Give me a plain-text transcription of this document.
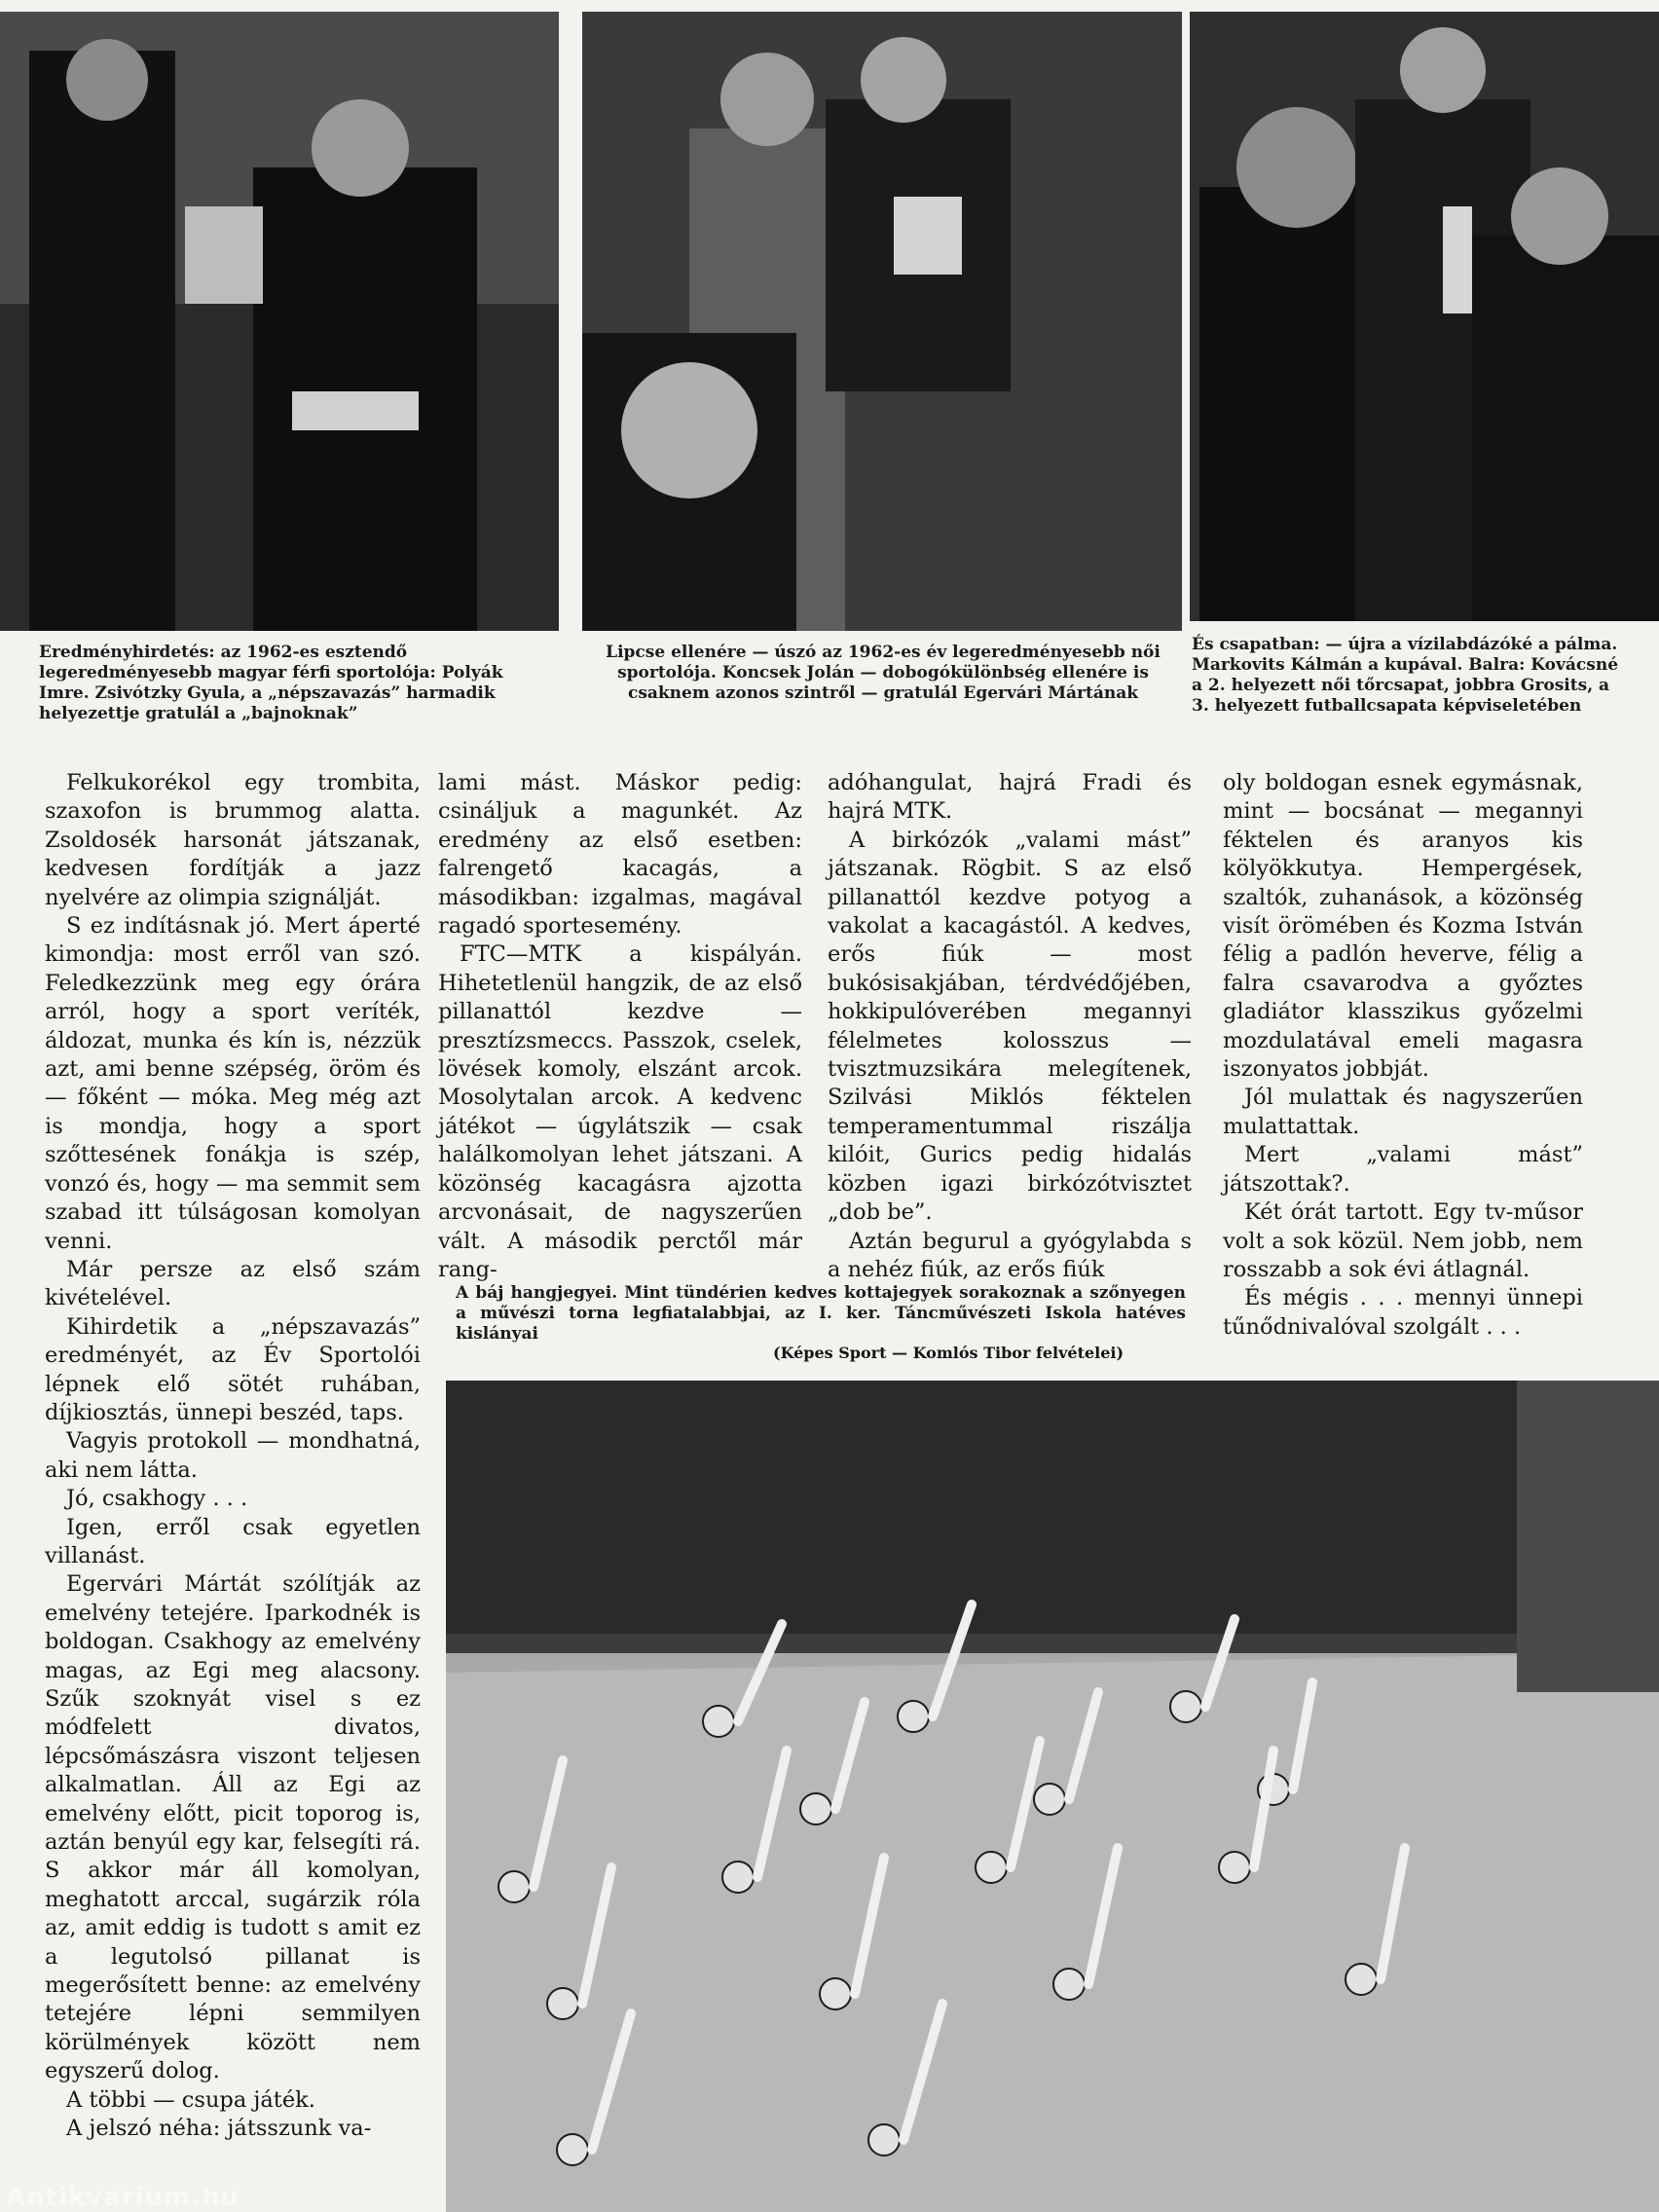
Eredményhirdetés: az 1962-es esztendő legeredményesebb magyar férfi sportolója: Polyák Imre. Zsivótzky Gyula, a „népszavazás” harmadik helyezettje gratulál a „bajnoknak”
Lipcse ellenére — úszó az 1962-es év legeredményesebb női sportolója. Koncsek Jolán — dobogókülönbség ellenére is csaknem azonos szintről — gratulál Egervári Mártának
És csapatban: — újra a vízilabdázóké a pálma. Markovits Kálmán a kupával. Balra: Kovácsné a 2. helyezett női tőrcsapat, jobbra Grosits, a 3. helyezett futballcsapata képviseletében

Felkukorékol egy trombita, szaxofon is brummog alatta. Zsoldosék harsonát játszanak, kedvesen fordítják a jazz nyelvére az olimpia szignálját.

S ez indításnak jó. Mert áperté kimondja: most erről van szó. Feledkezzünk meg egy órára arról, hogy a sport veríték, áldozat, munka és kín is, nézzük azt, ami benne szépség, öröm és — főként — móka. Meg még azt is mondja, hogy a sport szőttesének fonákja is szép, vonzó és, hogy — ma semmit sem szabad itt túlságosan komolyan venni.

Már persze az első szám kivételével.

Kihirdetik a „népszavazás” eredményét, az Év Sportolói lépnek elő sötét ruhában, díjkiosztás, ünnepi beszéd, taps.

Vagyis protokoll — mondhatná, aki nem látta.

Jó, csakhogy . . .

Igen, erről csak egyetlen villanást.

Egervári Mártát szólítják az emelvény tetejére. Iparkodnék is boldogan. Csakhogy az emelvény magas, az Egi meg alacsony. Szűk szoknyát visel s ez módfelett divatos, lépcsőmászásra viszont teljesen alkalmatlan. Áll az Egi az emelvény előtt, picit toporog is, aztán benyúl egy kar, felsegíti rá. S akkor már áll komolyan, meghatott arccal, sugárzik róla az, amit eddig is tudott s amit ez a legutolsó pillanat is megerősített benne: az emelvény tetejére lépni semmilyen körülmények között nem egyszerű dolog.

A többi — csupa játék.

A jelszó néha: játsszunk va-

lami mást. Máskor pedig: csináljuk a magunkét. Az eredmény az első esetben: falrengető kacagás, a másodikban: izgalmas, magával ragadó sportesemény.

FTC—MTK a kispályán. Hihetetlenül hangzik, de az első pillanattól kezdve — presztízsmeccs. Passzok, cselek, lövések komoly, elszánt arcok. Mosolytalan arcok. A kedvenc játékot — úgylátszik — csak halálkomolyan lehet játszani. A közönség kacagásra ajzotta arcvonásait, de nagyszerűen vált. A második perctől már rang-

adóhangulat, hajrá Fradi és hajrá MTK.

A birkózók „valami mást” játszanak. Rögbit. S az első pillanattól kezdve potyog a vakolat a kacagástól. A kedves, erős fiúk — most bukósisakjában, térdvédőjében, hokkipulóverében megannyi félelmetes kolosszus — tvisztmuzsikára melegítenek, Szilvási Miklós féktelen temperamentummal riszálja kilóit, Gurics pedig hidalás közben igazi birkózótvisztet „dob be”.

Aztán begurul a gyógylabda s a nehéz fiúk, az erős fiúk

oly boldogan esnek egymásnak, mint — bocsánat — megannyi féktelen és aranyos kis kölyökkutya. Hempergések, szaltók, zuhanások, a közönség visít örömében és Kozma István félig a padlón heverve, félig a falra csavarodva a győztes gladiátor klasszikus győzelmi mozdulatával emeli magasra iszonyatos jobbját.

Jól mulattak és nagyszerűen mulattattak.

Mert „valami mást” játszottak?.

Két órát tartott. Egy tv-műsor volt a sok közül. Nem jobb, nem rosszabb a sok évi átlagnál.

És mégis . . . mennyi ünnepi tűnődnivalóval szolgált . . .

A báj hangjegyei. Mint tündérien kedves kottajegyek sorakoznak a szőnyegen a művészi torna legfiatalabbjai, az I. ker. Táncművészeti Iskola hatéves kislányai
(Képes Sport — Komlós Tibor felvételei)
Antikvarium.hu
